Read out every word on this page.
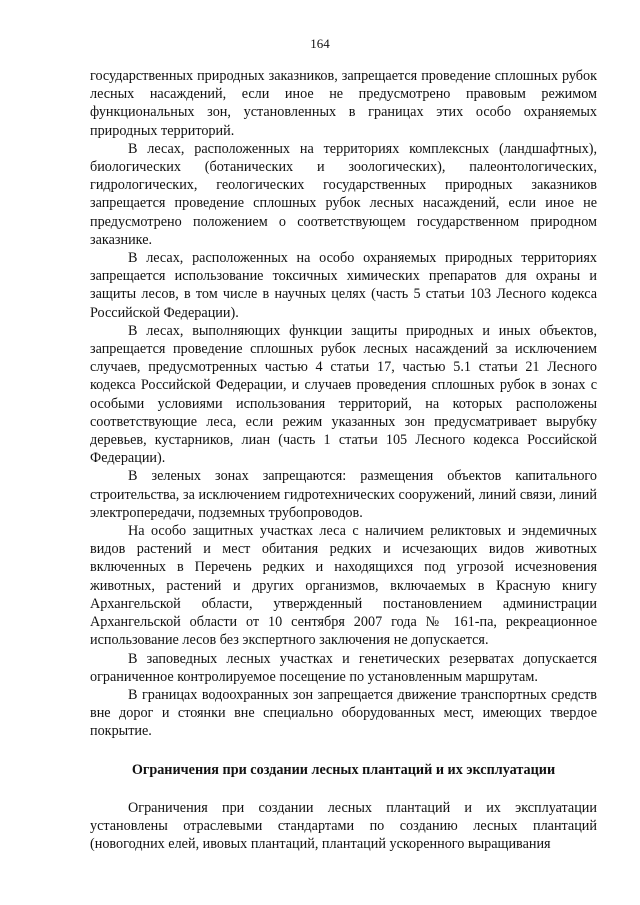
164

государственных природных заказников, запрещается проведение сплошных рубок лесных насаждений, если иное не предусмотрено правовым режимом функциональных зон, установленных в границах этих особо охраняемых природных территорий.

В лесах, расположенных на территориях комплексных (ландшафтных), биологических (ботанических и зоологических), палеонтологических, гидрологических, геологических государственных природных заказников запрещается проведение сплошных рубок лесных насаждений, если иное не предусмотрено положением о соответствующем государственном природном заказнике.

В лесах, расположенных на особо охраняемых природных территориях запрещается использование токсичных химических препаратов для охраны и защиты лесов, в том числе в научных целях (часть 5 статьи 103 Лесного кодекса Российской Федерации).

В лесах, выполняющих функции защиты природных и иных объектов, запрещается проведение сплошных рубок лесных насаждений за исключением случаев, предусмотренных частью 4 статьи 17, частью 5.1 статьи 21 Лесного кодекса Российской Федерации, и случаев проведения сплошных рубок в зонах с особыми условиями использования территорий, на которых расположены соответствующие леса, если режим указанных зон предусматривает вырубку деревьев, кустарников, лиан (часть 1 статьи 105 Лесного кодекса Российской Федерации).

В зеленых зонах запрещаются: размещения объектов капитального строительства, за исключением гидротехнических сооружений, линий связи, линий электропередачи, подземных трубопроводов.

На особо защитных участках леса с наличием реликтовых и эндемичных видов растений и мест обитания редких и исчезающих видов животных включенных в Перечень редких и находящихся под угрозой исчезновения животных, растений и других организмов, включаемых в Красную книгу Архангельской области, утвержденный постановлением администрации Архангельской области от 10 сентября 2007 года № 161-па, рекреационное использование лесов без экспертного заключения не допускается.

В заповедных лесных участках и генетических резерватах допускается ограниченное контролируемое посещение по установленным маршрутам.

В границах водоохранных зон запрещается движение транспортных средств вне дорог и стоянки вне специально оборудованных мест, имеющих твердое покрытие.

Ограничения при создании лесных плантаций и их эксплуатации

Ограничения при создании лесных плантаций и их эксплуатации установлены отраслевыми стандартами по созданию лесных плантаций (новогодних елей, ивовых плантаций, плантаций ускоренного выращивания
